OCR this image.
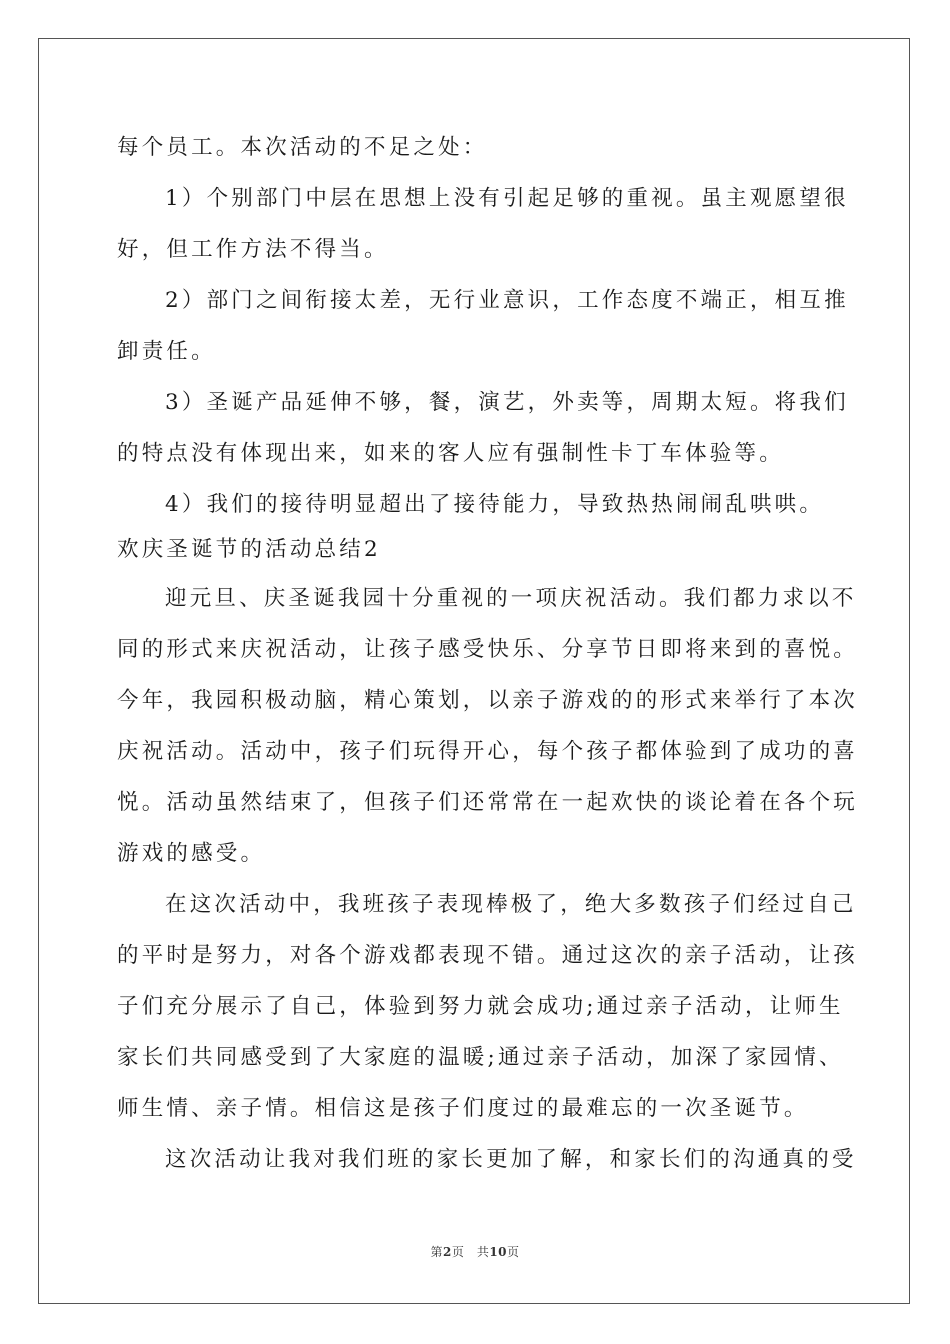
每个员工。本次活动的不足之处：
1）个别部门中层在思想上没有引起足够的重视。虽主观愿望很
好，但工作方法不得当。
2）部门之间衔接太差，无行业意识，工作态度不端正，相互推
卸责任。
3）圣诞产品延伸不够，餐，演艺，外卖等，周期太短。将我们
的特点没有体现出来，如来的客人应有强制性卡丁车体验等。
4）我们的接待明显超出了接待能力，导致热热闹闹乱哄哄。
欢庆圣诞节的活动总结2
迎元旦、庆圣诞我园十分重视的一项庆祝活动。我们都力求以不
同的形式来庆祝活动，让孩子感受快乐、分享节日即将来到的喜悦。
今年，我园积极动脑，精心策划，以亲子游戏的的形式来举行了本次
庆祝活动。活动中，孩子们玩得开心，每个孩子都体验到了成功的喜
悦。活动虽然结束了，但孩子们还常常在一起欢快的谈论着在各个玩
游戏的感受。
在这次活动中，我班孩子表现棒极了，绝大多数孩子们经过自己
的平时是努力，对各个游戏都表现不错。通过这次的亲子活动，让孩
子们充分展示了自己，体验到努力就会成功;通过亲子活动，让师生
家长们共同感受到了大家庭的温暖;通过亲子活动，加深了家园情、
师生情、亲子情。相信这是孩子们度过的最难忘的一次圣诞节。
这次活动让我对我们班的家长更加了解，和家长们的沟通真的受
第2页　共10页
